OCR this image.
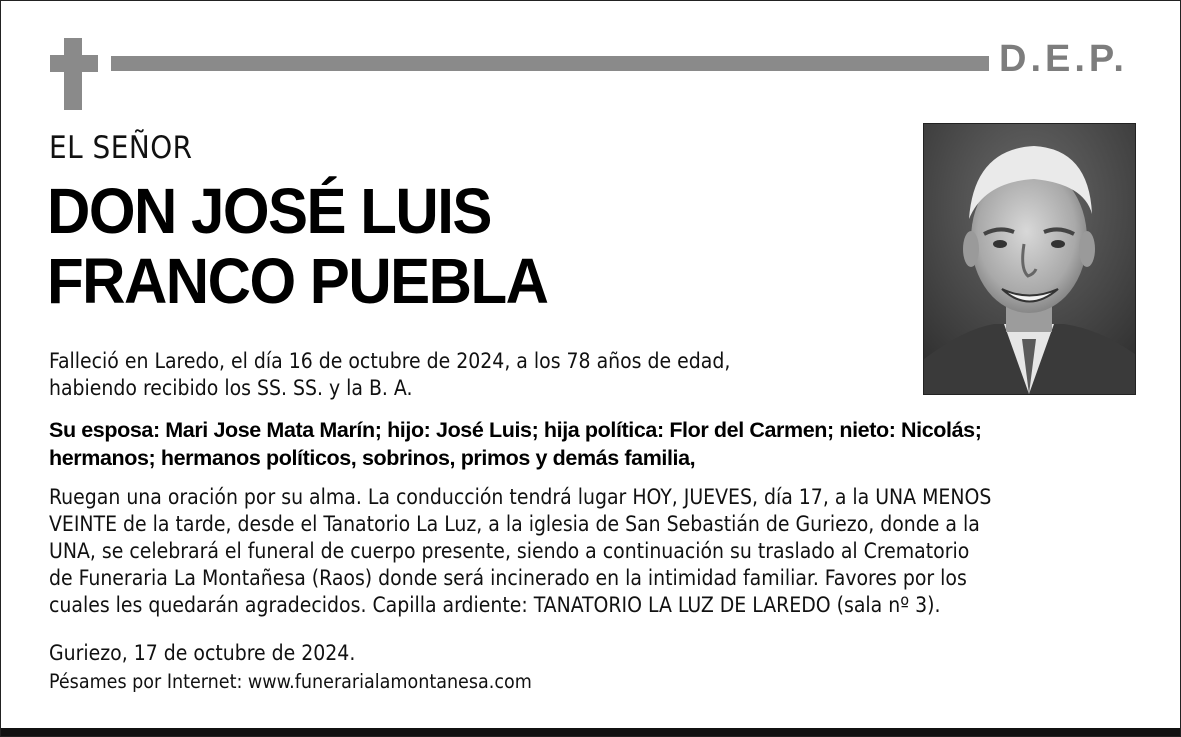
D.E.P.
EL SEÑOR
DON JOSÉ LUIS
FRANCO PUEBLA
Falleció en Laredo, el día 16 de octubre de 2024, a los 78 años de edad,
habiendo recibido los SS. SS. y la B. A.
Su esposa: Mari Jose Mata Marín; hijo: José Luis; hija política: Flor del Carmen; nieto: Nicolás;
hermanos; hermanos políticos, sobrinos, primos y demás familia,
Ruegan una oración por su alma. La conducción tendrá lugar HOY, JUEVES, día 17, a la UNA MENOS
VEINTE de la tarde, desde el Tanatorio La Luz, a la iglesia de San Sebastián de Guriezo, donde a la
UNA, se celebrará el funeral de cuerpo presente, siendo a continuación su traslado al Crematorio
de Funeraria La Montañesa (Raos) donde será incinerado en la intimidad familiar. Favores por los
cuales les quedarán agradecidos. Capilla ardiente: TANATORIO LA LUZ DE LAREDO (sala nº 3).
Guriezo, 17 de octubre de 2024.
Pésames por Internet: www.funerarialamontanesa.com
